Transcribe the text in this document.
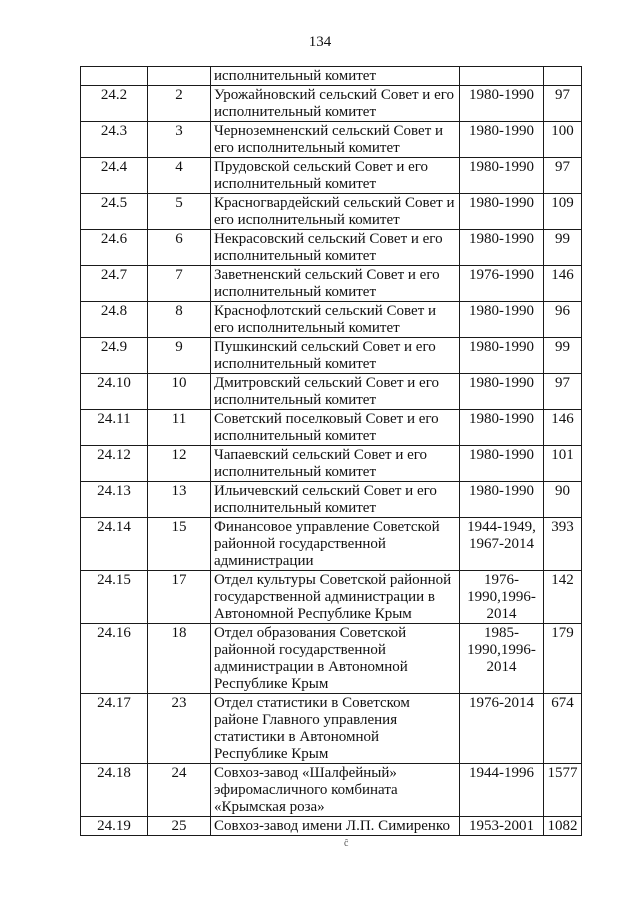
134
		исполнительный комитет		
24.2	2	Урожайновский сельский Совет и его исполнительный комитет	1980-1990	97
24.3	3	Черноземненский сельский Совет и его исполнительный комитет	1980-1990	100
24.4	4	Прудовской сельский Совет и его исполнительный комитет	1980-1990	97
24.5	5	Красногвардейский сельский Совет и его исполнительный комитет	1980-1990	109
24.6	6	Некрасовский сельский Совет и его исполнительный комитет	1980-1990	99
24.7	7	Заветненский сельский Совет и его исполнительный комитет	1976-1990	146
24.8	8	Краснофлотский сельский Совет и его исполнительный комитет	1980-1990	96
24.9	9	Пушкинский сельский Совет и его исполнительный комитет	1980-1990	99
24.10	10	Дмитровский сельский Совет и его исполнительный комитет	1980-1990	97
24.11	11	Советский поселковый Совет и его исполнительный комитет	1980-1990	146
24.12	12	Чапаевский сельский Совет и его исполнительный комитет	1980-1990	101
24.13	13	Ильичевский сельский Совет и его исполнительный комитет	1980-1990	90
24.14	15	Финансовое управление Советской районной государственной администрации	1944-1949, 1967-2014	393
24.15	17	Отдел культуры Советской районной государственной администрации в Автономной Республике Крым	1976-1990,1996-2014	142
24.16	18	Отдел образования Советской районной государственной администрации в Автономной Республике Крым	1985-1990,1996-2014	179
24.17	23	Отдел статистики в Советском районе Главного управления статистики в Автономной Республике Крым	1976-2014	674
24.18	24	Совхоз-завод «Шалфейный» эфиромасличного комбината «Крымская роза»	1944-1996	1577
24.19	25	Совхоз-завод имени Л.П. Симиренко	1953-2001	1082
ĉ
